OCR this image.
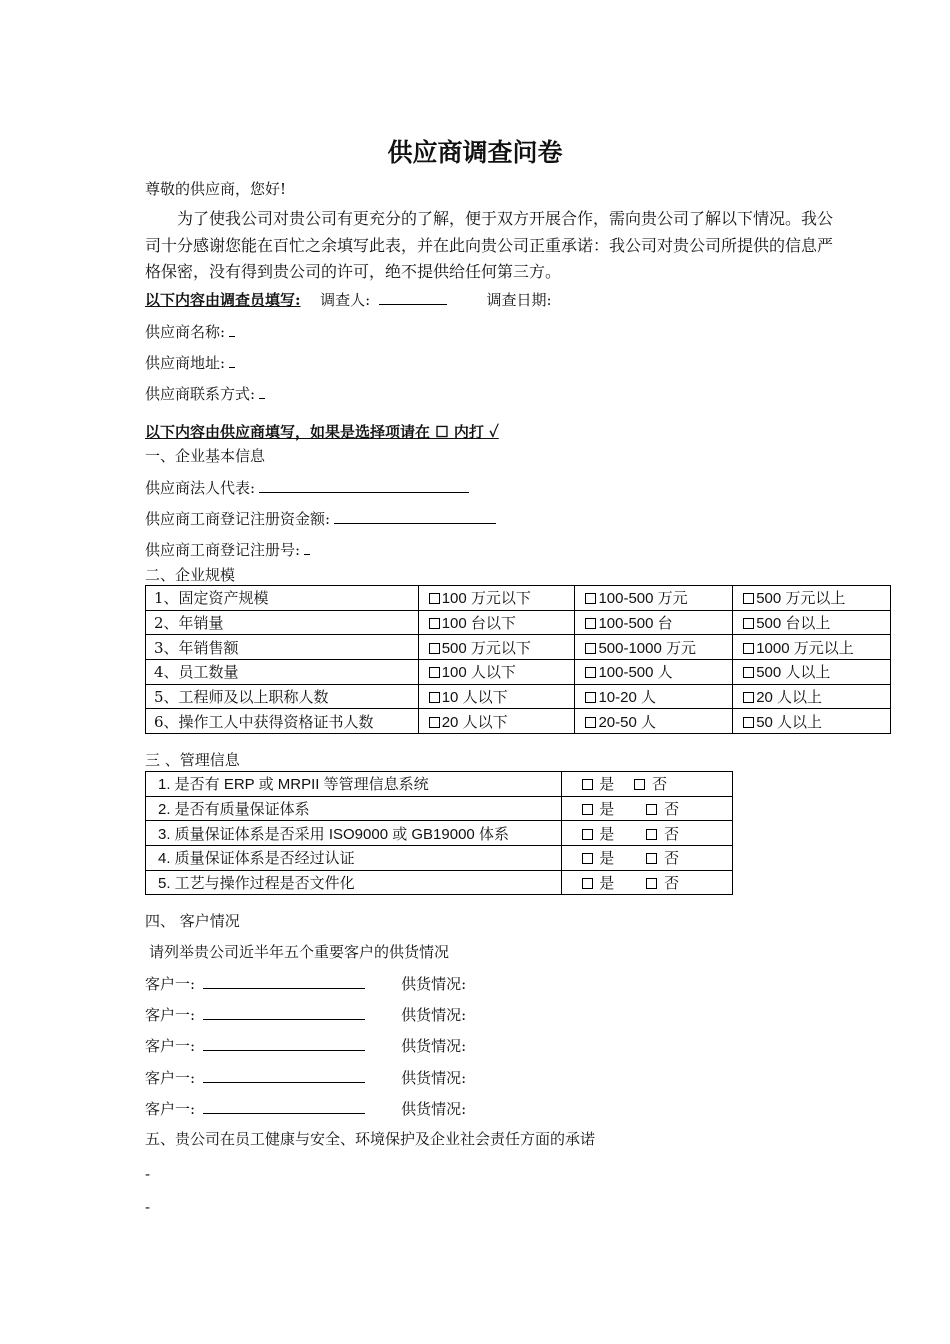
供应商调查问卷
尊敬的供应商，您好!
为了使我公司对贵公司有更充分的了解，便于双方开展合作，需向贵公司了解以下情况。我公司十分感谢您能在百忙之余填写此表，并在此向贵公司正重承诺：我公司对贵公司所提供的信息严格保密，没有得到贵公司的许可，绝不提供给任何第三方。
以下内容由调查员填写: 调查人:	调查日期:
供应商名称:
供应商地址:
供应商联系方式:
以下内容由供应商填写，如果是选择项请在 ☐ 内打 ✓
一、企业基本信息
供应商法人代表:
供应商工商登记注册资金额:
供应商工商登记注册号:
二、企业规模
1、固定资产规模	100 万元以下	100-500 万元	500 万元以上
2、年销量	100 台以下	100-500 台	500 台以上
3、年销售额	500 万元以下	500-1000 万元	1000 万元以上
4、员工数量	100 人以下	100-500 人	500 人以上
5、工程师及以上职称人数	10 人以下	10-20 人	20 人以上
6、操作工人中获得资格证书人数	20 人以下	20-50 人	50 人以上
三 、管理信息
1. 是否有 ERP 或 MRPII 等管理信息系统	是 否
2. 是否有质量保证体系	是 否
3. 质量保证体系是否采用 ISO9000 或 GB19000 体系	是 否
4. 质量保证体系是否经过认证	是 否
5. 工艺与操作过程是否文件化	是 否
四、 客户情况
请列举贵公司近半年五个重要客户的供货情况
客户一:	供货情况:
客户一:	供货情况:
客户一:	供货情况:
客户一:	供货情况:
客户一:	供货情况:
五、贵公司在员工健康与安全、环境保护及企业社会责任方面的承诺
-
-
